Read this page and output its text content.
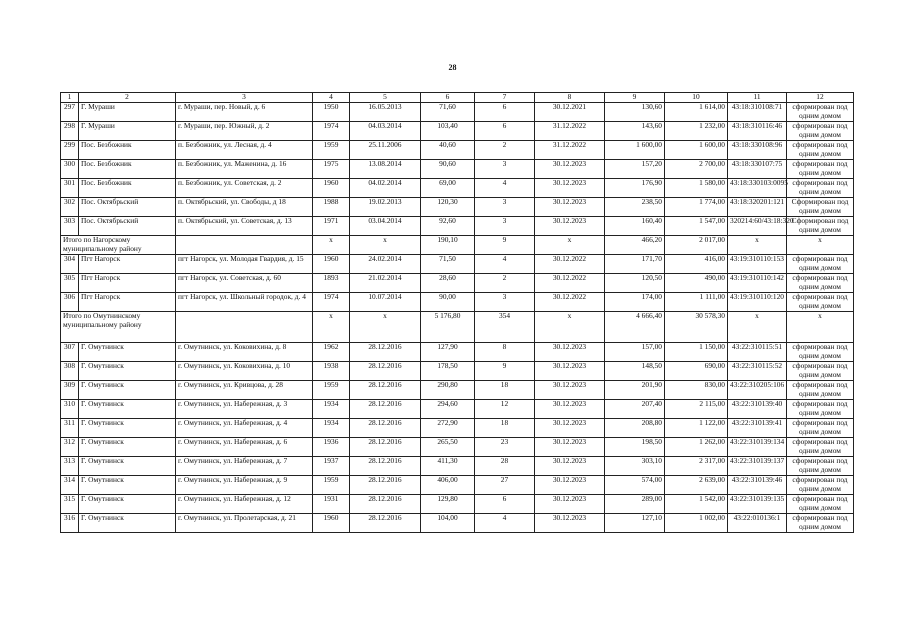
28
1	2	3	4	5	6	7	8	9	10	11	12
297	Г. Мураши	г. Мураши, пер. Новый, д. 6	1950	16.05.2013	71,60	6	30.12.2021	130,60	1 614,00	43:18:310108:71	сформирован под одним домом
298	Г. Мураши	г. Мураши, пер. Южный, д. 2	1974	04.03.2014	103,40	6	31.12.2022	143,60	1 232,00	43:18:310116:46	сформирован под одним домом
299	Пос. Безбожник	п. Безбожник, ул. Лесная, д. 4	1959	25.11.2006	40,60	2	31.12.2022	1 600,00	1 600,00	43:18:330108:96	сформирован под одним домом
300	Пос. Безбожник	п. Безбожник, ул. Маженина, д. 16	1975	13.08.2014	90,60	3	30.12.2023	157,20	2 700,00	43:18:330107:75	сформирован под одним домом
301	Пос. Безбожник	п. Безбожник, ул. Советская, д. 2	1960	04.02.2014	69,00	4	30.12.2023	176,90	1 580,00	43:18:330103:0095	сформирован под одним домом
302	Пос. Октябрьский	п. Октябрьский, ул. Свободы, д 18	1988	19.02.2013	120,30	3	30.12.2023	238,50	1 774,00	43:18:320201:121	Сформирован под одним домом
303	Пос. Октябрьский	п. Октябрьский, ул. Советская, д. 13	1971	03.04.2014	92,60	3	30.12.2023	160,40	1 547,00	320214:60/43:18:320	Сформирован под одним домом
Итого по Нагорскому муниципальному району			х	х	190,10	9	х	466,20	2 017,00	х	х
304	Пгт Нагорск	пгт Нагорск, ул. Молодая Гвардия, д. 15	1960	24.02.2014	71,50	4	30.12.2022	171,70	416,00	43:19:310110:153	сформирован под одним домом
305	Пгт Нагорск	пгт Нагорск, ул. Советская, д. 60	1893	21.02.2014	28,60	2	30.12.2022	120,50	490,00	43:19:310110:142	сформирован под одним домом
306	Пгт Нагорск	пгт Нагорск, ул. Школьный городок, д. 4	1974	10.07.2014	90,00	3	30.12.2022	174,00	1 111,00	43:19:310110:120	сформирован под одним домом
Итого по Омутнинскому муниципальному району			х	х	5 176,80	354	х	4 666,40	30 578,30	х	х
307	Г. Омутнинск	г. Омутнинск, ул. Коковихина, д. 8	1962	28.12.2016	127,90	8	30.12.2023	157,00	1 150,00	43:22:310115:51	сформирован под одним домом
308	Г. Омутнинск	г. Омутнинск, ул. Коковихина, д. 10	1938	28.12.2016	178,50	9	30.12.2023	148,50	690,00	43:22:310115:52	сформирован под одним домом
309	Г. Омутнинск	г. Омутнинск, ул. Кривцова, д. 28	1959	28.12.2016	290,80	18	30.12.2023	201,90	830,00	43:22:310205:106	сформирован под одним домом
310	Г. Омутнинск	г. Омутнинск, ул. Набережная, д. 3	1934	28.12.2016	294,60	12	30.12.2023	207,40	2 115,00	43:22:310139:40	сформирован под одним домом
311	Г. Омутнинск	г. Омутнинск, ул. Набережная, д. 4	1934	28.12.2016	272,90	18	30.12.2023	208,80	1 122,00	43:22:310139:41	сформирован под одним домом
312	Г. Омутнинск	г. Омутнинск, ул. Набережная, д. 6	1936	28.12.2016	265,50	23	30.12.2023	198,50	1 262,00	43:22:310139:134	сформирован под одним домом
313	Г. Омутнинск	г. Омутнинск, ул. Набережная, д. 7	1937	28.12.2016	411,30	28	30.12.2023	303,10	2 317,00	43:22:310139:137	сформирован под одним домом
314	Г. Омутнинск	г. Омутнинск, ул. Набережная, д. 9	1959	28.12.2016	406,00	27	30.12.2023	574,00	2 639,00	43:22:310139:46	сформирован под одним домом
315	Г. Омутнинск	г. Омутнинск, ул. Набережная, д. 12	1931	28.12.2016	129,80	6	30.12.2023	289,00	1 542,00	43:22:310139:135	сформирован под одним домом
316	Г. Омутнинск	г. Омутнинск, ул. Пролетарская, д. 21	1960	28.12.2016	104,00	4	30.12.2023	127,10	1 002,00	43:22:010136:1	сформирован под одним домом
